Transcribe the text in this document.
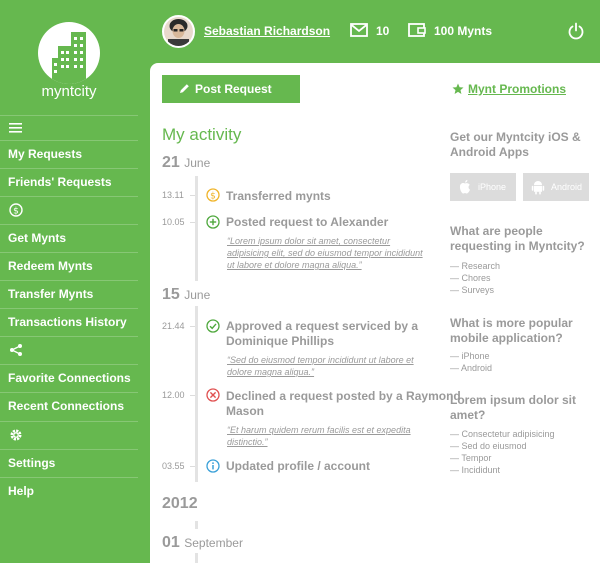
myntcity
My Requests
Friends' Requests
$
Get Mynts
Redeem Mynts
Transfer Mynts
Transactions History
Favorite Connections
Recent Connections
Settings
Help
Sebastian Richardson	10	100 Mynts
Post Request	Mynt Promotions
My activity
21 June
13.11	$ Transferred mynts
10.05	Posted request to Alexander
“Lorem ipsum dolor sit amet, consectetur adipisicing elit, sed do eiusmod tempor incididunt ut labore et dolore magna aliqua.”
15 June
21.44	Approved a request serviced by a Dominique Phillips
“Sed do eiusmod tempor incididunt ut labore et dolore magna aliqua.”
12.00	Declined a request posted by a Raymond Mason
“Et harum quidem rerum facilis est et expedita distinctio.”
03.55	Updated profile / account
2012
01 September
Get our Myntcity iOS & Android Apps
iPhone	Android
What are people requesting in Myntcity?
— Research
— Chores
— Surveys
What is more popular mobile application?
— iPhone
— Android
Lorem ipsum dolor sit amet?
— Consectetur adipisicing
— Sed do eiusmod
— Tempor
— Incididunt
